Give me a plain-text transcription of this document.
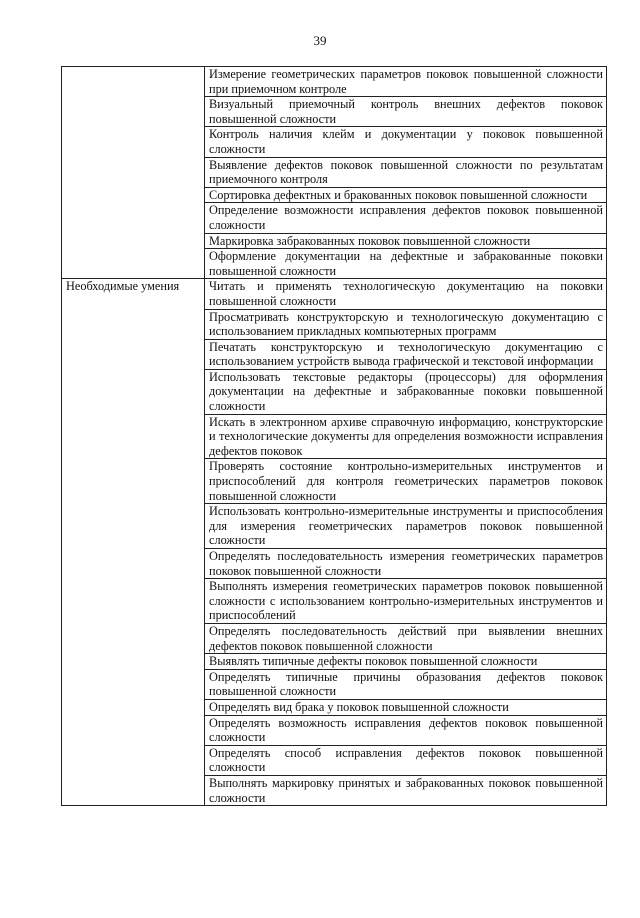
39
	Измерение геометрических параметров поковок повышенной сложности при приемочном контроле
	Визуальный приемочный контроль внешних дефектов поковок повышенной сложности
	Контроль наличия клейм и документации у поковок повышенной сложности
	Выявление дефектов поковок повышенной сложности по результатам приемочного контроля
	Сортировка дефектных и бракованных поковок повышенной сложности
	Определение возможности исправления дефектов поковок повышенной сложности
	Маркировка забракованных поковок повышенной сложности
	Оформление документации на дефектные и забракованные поковки повышенной сложности
Необходимые умения	Читать и применять технологическую документацию на поковки повышенной сложности
	Просматривать конструкторскую и технологическую документацию с использованием прикладных компьютерных программ
	Печатать конструкторскую и технологическую документацию с использованием устройств вывода графической и текстовой информации
	Использовать текстовые редакторы (процессоры) для оформления документации на дефектные и забракованные поковки повышенной сложности
	Искать в электронном архиве справочную информацию, конструкторские и технологические документы для определения возможности исправления дефектов поковок
	Проверять состояние контрольно-измерительных инструментов и приспособлений для контроля геометрических параметров поковок повышенной сложности
	Использовать контрольно-измерительные инструменты и приспособления для измерения геометрических параметров поковок повышенной сложности
	Определять последовательность измерения геометрических параметров поковок повышенной сложности
	Выполнять измерения геометрических параметров поковок повышенной сложности с использованием контрольно-измерительных инструментов и приспособлений
	Определять последовательность действий при выявлении внешних дефектов поковок повышенной сложности
	Выявлять типичные дефекты поковок повышенной сложности
	Определять типичные причины образования дефектов поковок повышенной сложности
	Определять вид брака у поковок повышенной сложности
	Определять возможность исправления дефектов поковок повышенной сложности
	Определять способ исправления дефектов поковок повышенной сложности
	Выполнять маркировку принятых и забракованных поковок повышенной сложности
